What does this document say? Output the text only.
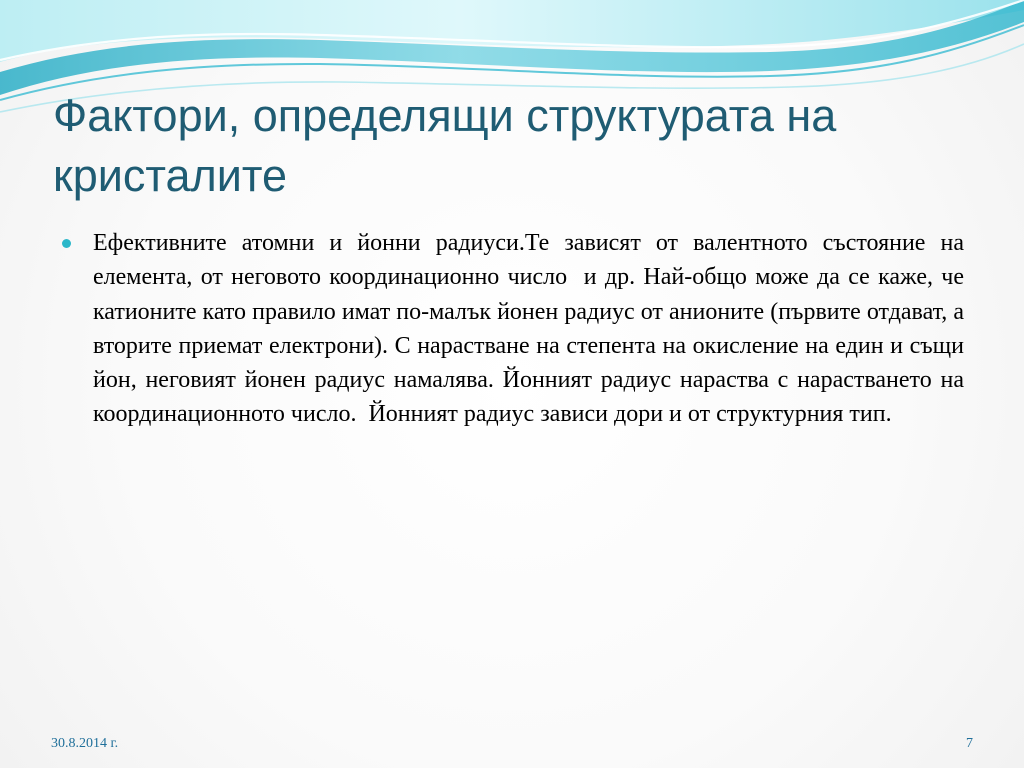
Фактори, определящи структурата на кристалите

Ефективните атомни и йонни радиуси.Те зависят от валентното състояние на елемента, от неговото координационно число  и др. Най-общо може да се каже, че катионите като правило имат по-малък йонен радиус от анионите (първите отдават, а вторите приемат електрони). С нарастване на степента на окисление на един и същи йон, неговият йонен радиус намалява. Йонният радиус нараства с нарастването на координационното число.  Йонният радиус зависи дори и от структурния тип.

30.8.2014 г.	7
